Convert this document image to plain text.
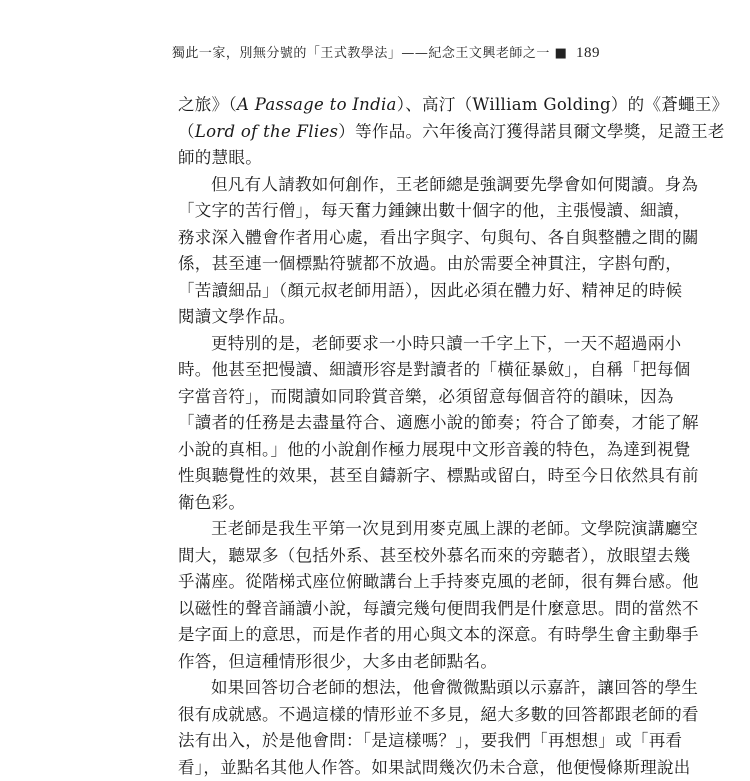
獨此一家，別無分號的「王式教學法」——紀念王文興老師之一 ■ 189
之旅》（A Passage to India）、高汀（William Golding）的《蒼蠅王》
（Lord of the Flies）等作品。六年後高汀獲得諾貝爾文學獎，足證王老
師的慧眼。
但凡有人請教如何創作，王老師總是強調要先學會如何閱讀。身為
「文字的苦行僧」，每天奮力鍾鍊出數十個字的他，主張慢讀、細讀，
務求深入體會作者用心處，看出字與字、句與句、各自與整體之間的關
係，甚至連一個標點符號都不放過。由於需要全神貫注，字斟句酌，
「苦讀細品」（顏元叔老師用語），因此必須在體力好、精神足的時候
閱讀文學作品。
更特別的是，老師要求一小時只讀一千字上下，一天不超過兩小
時。他甚至把慢讀、細讀形容是對讀者的「橫征暴斂」，自稱「把每個
字當音符」，而閱讀如同聆賞音樂，必須留意每個音符的韻味，因為
「讀者的任務是去盡量符合、適應小說的節奏；符合了節奏，才能了解
小說的真相。」他的小說創作極力展現中文形音義的特色，為達到視覺
性與聽覺性的效果，甚至自鑄新字、標點或留白，時至今日依然具有前
衛色彩。
王老師是我生平第一次見到用麥克風上課的老師。文學院演講廳空
間大，聽眾多（包括外系、甚至校外慕名而來的旁聽者），放眼望去幾
乎滿座。從階梯式座位俯瞰講台上手持麥克風的老師，很有舞台感。他
以磁性的聲音誦讀小說，每讀完幾句便問我們是什麼意思。問的當然不
是字面上的意思，而是作者的用心與文本的深意。有時學生會主動舉手
作答，但這種情形很少，大多由老師點名。
如果回答切合老師的想法，他會微微點頭以示嘉許，讓回答的學生
很有成就感。不過這樣的情形並不多見，絕大多數的回答都跟老師的看
法有出入，於是他會問：「是這樣嗎？」，要我們「再想想」或「再看
看」，並點名其他人作答。如果試問幾次仍未合意，他便慢條斯理說出
